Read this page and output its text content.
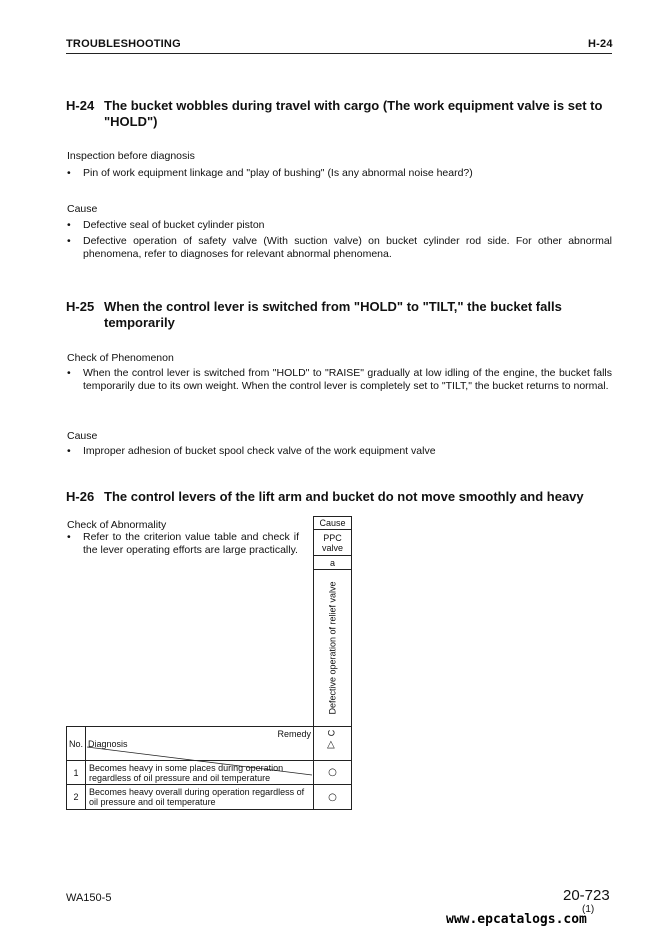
TROUBLESHOOTING	H-24
H-24 The bucket wobbles during travel with cargo (The work equipment valve is set to "HOLD")
Inspection before diagnosis
• Pin of work equipment linkage and "play of bushing" (Is any abnormal noise heard?)
Cause
• Defective seal of bucket cylinder piston
• Defective operation of safety valve (With suction valve) on bucket cylinder rod side. For other abnormal phenomena, refer to diagnoses for relevant abnormal phenomena.
H-25 When the control lever is switched from "HOLD" to "TILT," the bucket falls temporarily
Check of Phenomenon
• When the control lever is switched from "HOLD" to "RAISE" gradually at low idling of the engine, the bucket falls temporarily due to its own weight. When the control lever is completely set to "TILT," the bucket returns to normal.
Cause
• Improper adhesion of bucket spool check valve of the work equipment valve
H-26 The control levers of the lift arm and bucket do not move smoothly and heavy
Check of Abnormality
• Refer to the criterion value table and check if the lever operating efforts are large practically.
Cause
PPC valve
a
Defective operation of relief valve
Remedy
No. Diagnosis
C
▷
1	Becomes heavy in some places during operation regardless of oil pressure and oil temperature	○
2	Becomes heavy overall during operation regardless of oil pressure and oil temperature	○
WA150-5	20-723
(1)
www.epcatalogs.com
